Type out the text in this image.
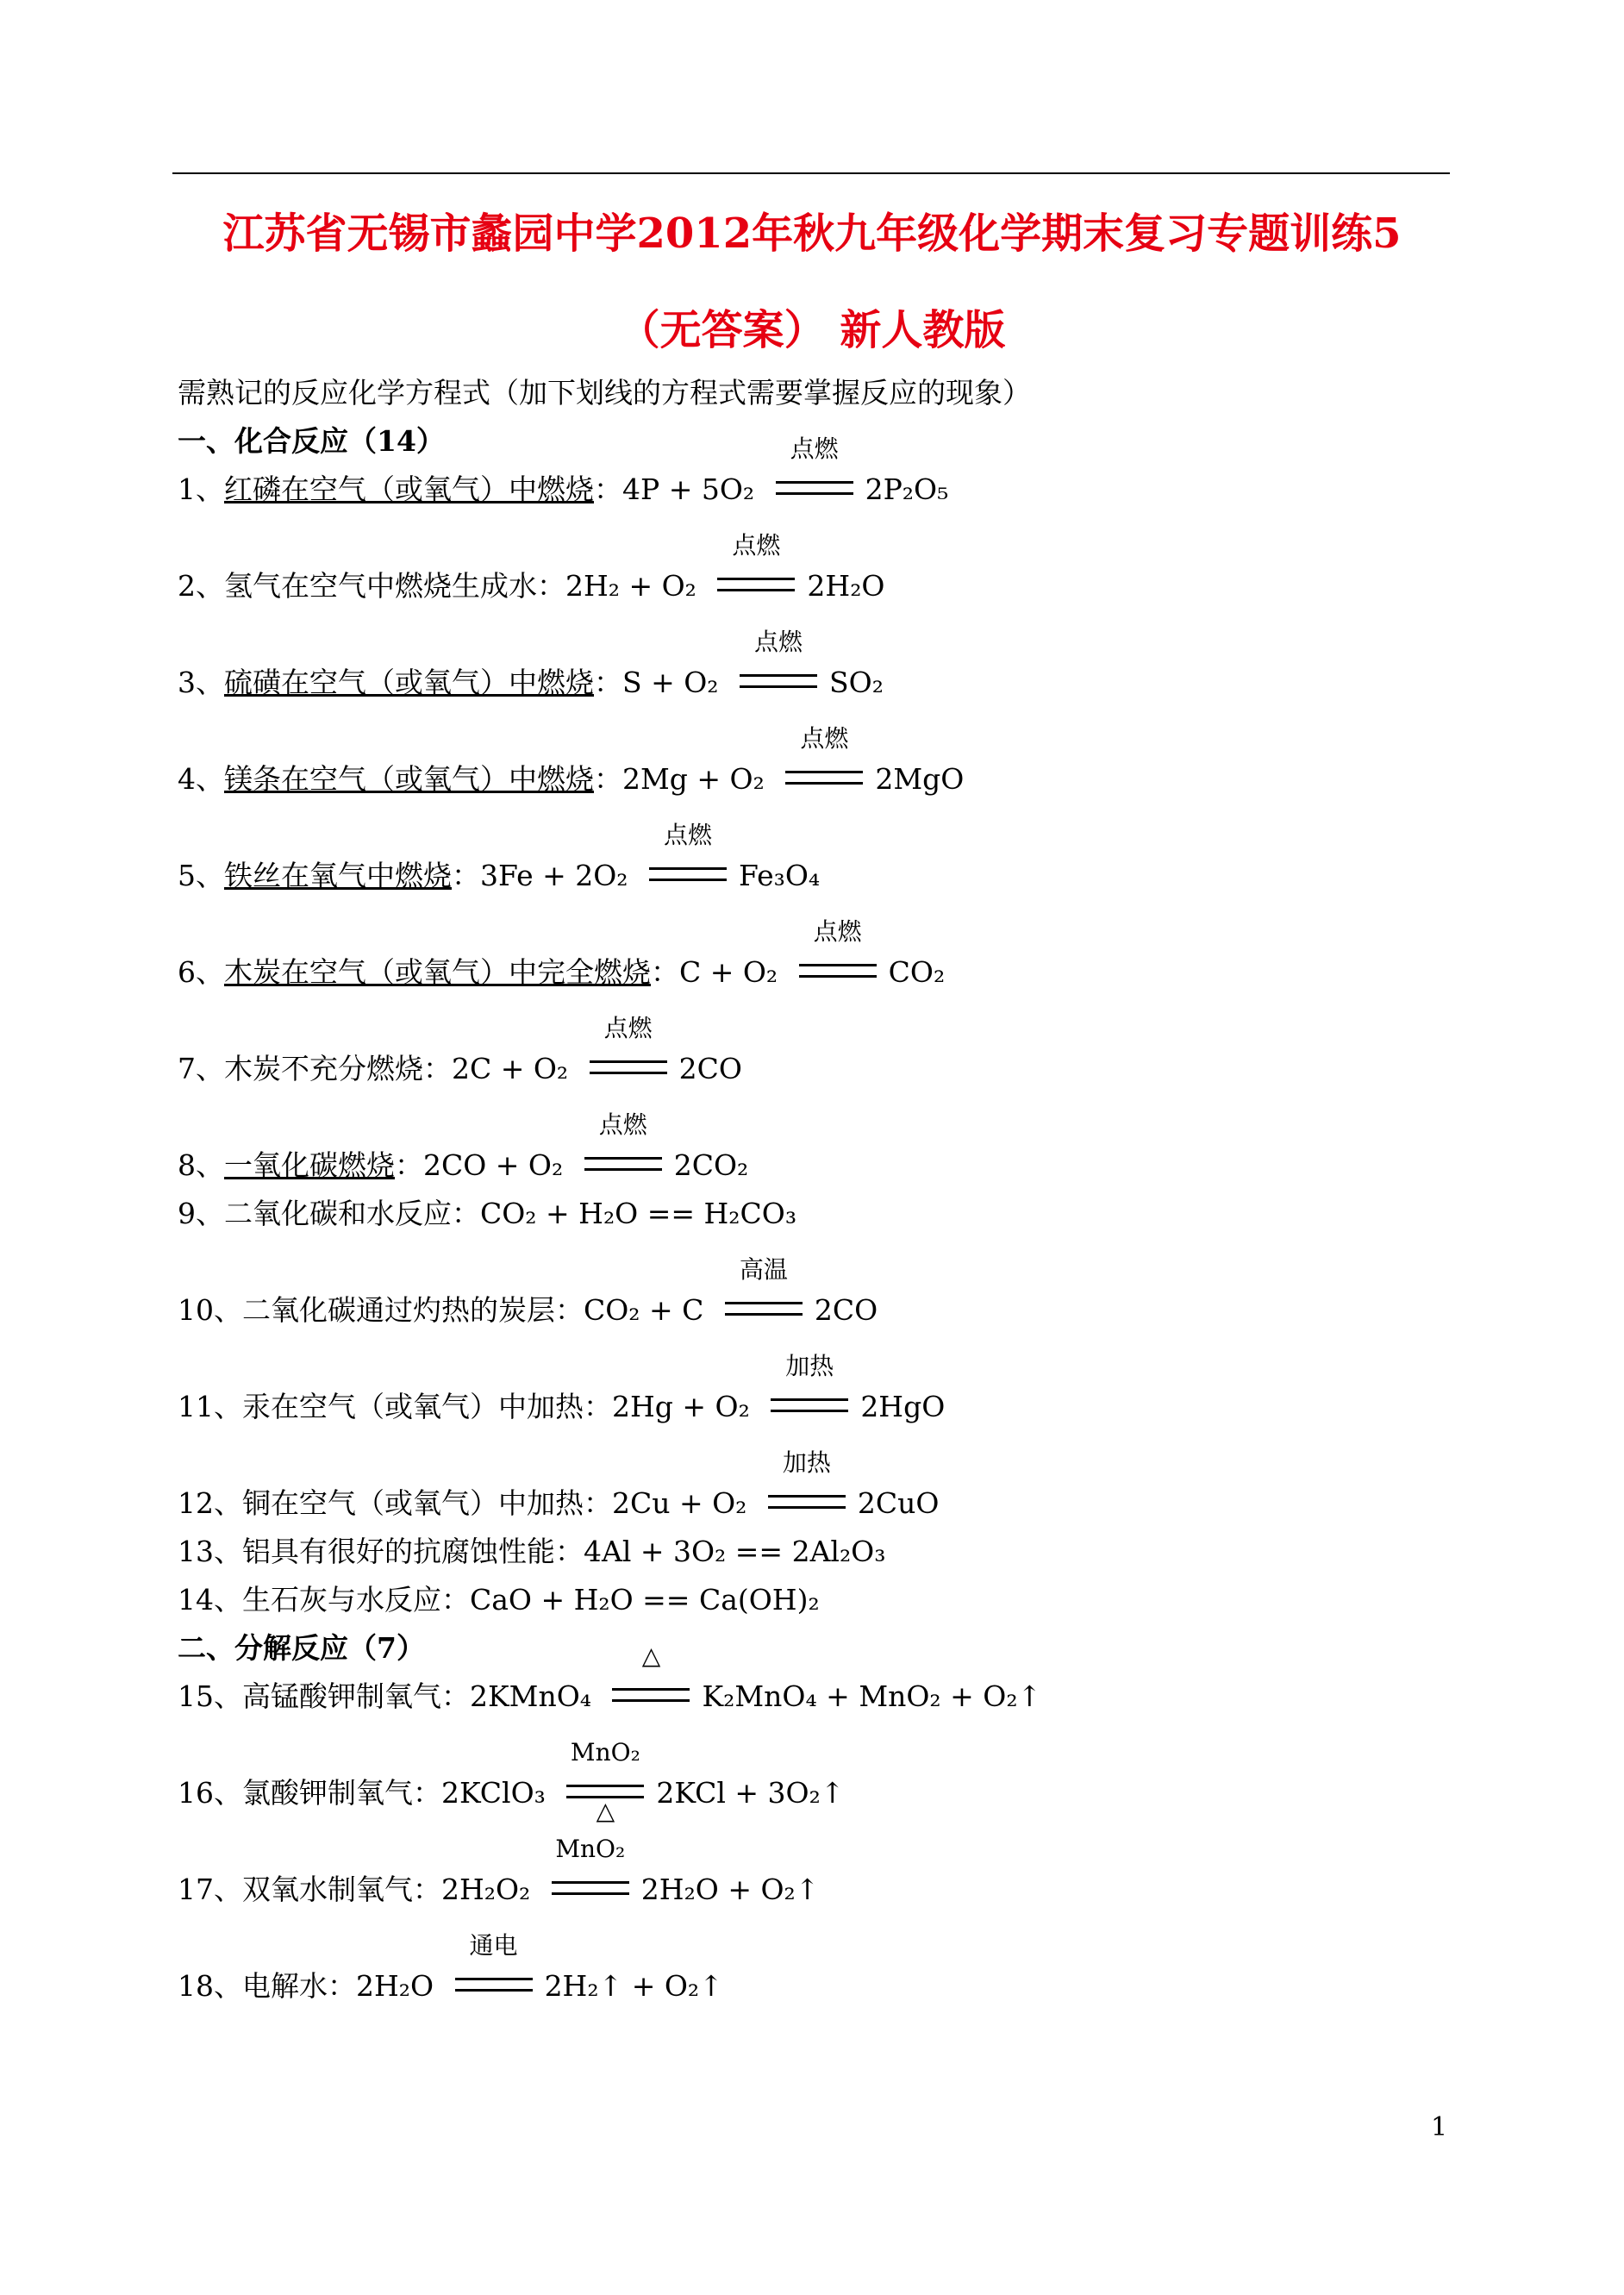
江苏省无锡市蠡园中学2012年秋九年级化学期末复习专题训练5
（无答案） 新人教版
需熟记的反应化学方程式（加下划线的方程式需要掌握反应的现象）
一、化合反应（14）
1、红磷在空气（或氧气）中燃烧：4P + 5O₂
点燃
2P₂O₅
2、氢气在空气中燃烧生成水：2H₂ + O₂
点燃
2H₂O
3、硫磺在空气（或氧气）中燃烧：S + O₂
点燃
SO₂
4、镁条在空气（或氧气）中燃烧：2Mg + O₂
点燃
2MgO
5、铁丝在氧气中燃烧：3Fe + 2O₂
点燃
Fe₃O₄
6、木炭在空气（或氧气）中完全燃烧：C + O₂
点燃
CO₂
7、木炭不充分燃烧：2C + O₂
点燃
2CO
8、一氧化碳燃烧：2CO + O₂
点燃
2CO₂
9、二氧化碳和水反应：CO₂ + H₂O == H₂CO₃
10、二氧化碳通过灼热的炭层：CO₂ + C
高温
2CO
11、汞在空气（或氧气）中加热：2Hg + O₂
加热
2HgO
12、铜在空气（或氧气）中加热：2Cu + O₂
加热
2CuO
13、铝具有很好的抗腐蚀性能：4Al + 3O₂ == 2Al₂O₃
14、生石灰与水反应：CaO + H₂O == Ca(OH)₂
二、分解反应（7）
15、高锰酸钾制氧气：2KMnO₄
△
K₂MnO₄ + MnO₂ + O₂↑
16、氯酸钾制氧气：2KClO₃
MnO₂
△
2KCl + 3O₂↑
17、双氧水制氧气：2H₂O₂
MnO₂
2H₂O + O₂↑
18、电解水：2H₂O
通电
2H₂↑ + O₂↑
1
